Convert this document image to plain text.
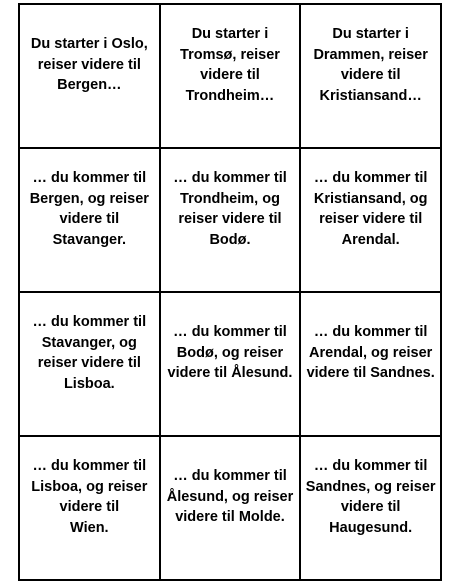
Du starter i Oslo,
reiser videre til
Bergen…
Du starter i
Tromsø, reiser
videre til
Trondheim…
Du starter i
Drammen, reiser
videre til
Kristiansand…
… du kommer til
Bergen, og reiser
videre til
Stavanger.
… du kommer til
Trondheim, og
reiser videre til
Bodø.
… du kommer til
Kristiansand, og
reiser videre til
Arendal.
… du kommer til
Stavanger, og
reiser videre til
Lisboa.
… du kommer til
Bodø, og reiser
videre til Ålesund.
… du kommer til
Arendal, og reiser
videre til Sandnes.
… du kommer til
Lisboa, og reiser
videre til
Wien.
… du kommer til
Ålesund, og reiser
videre til Molde.
… du kommer til
Sandnes, og reiser
videre til
Haugesund.
